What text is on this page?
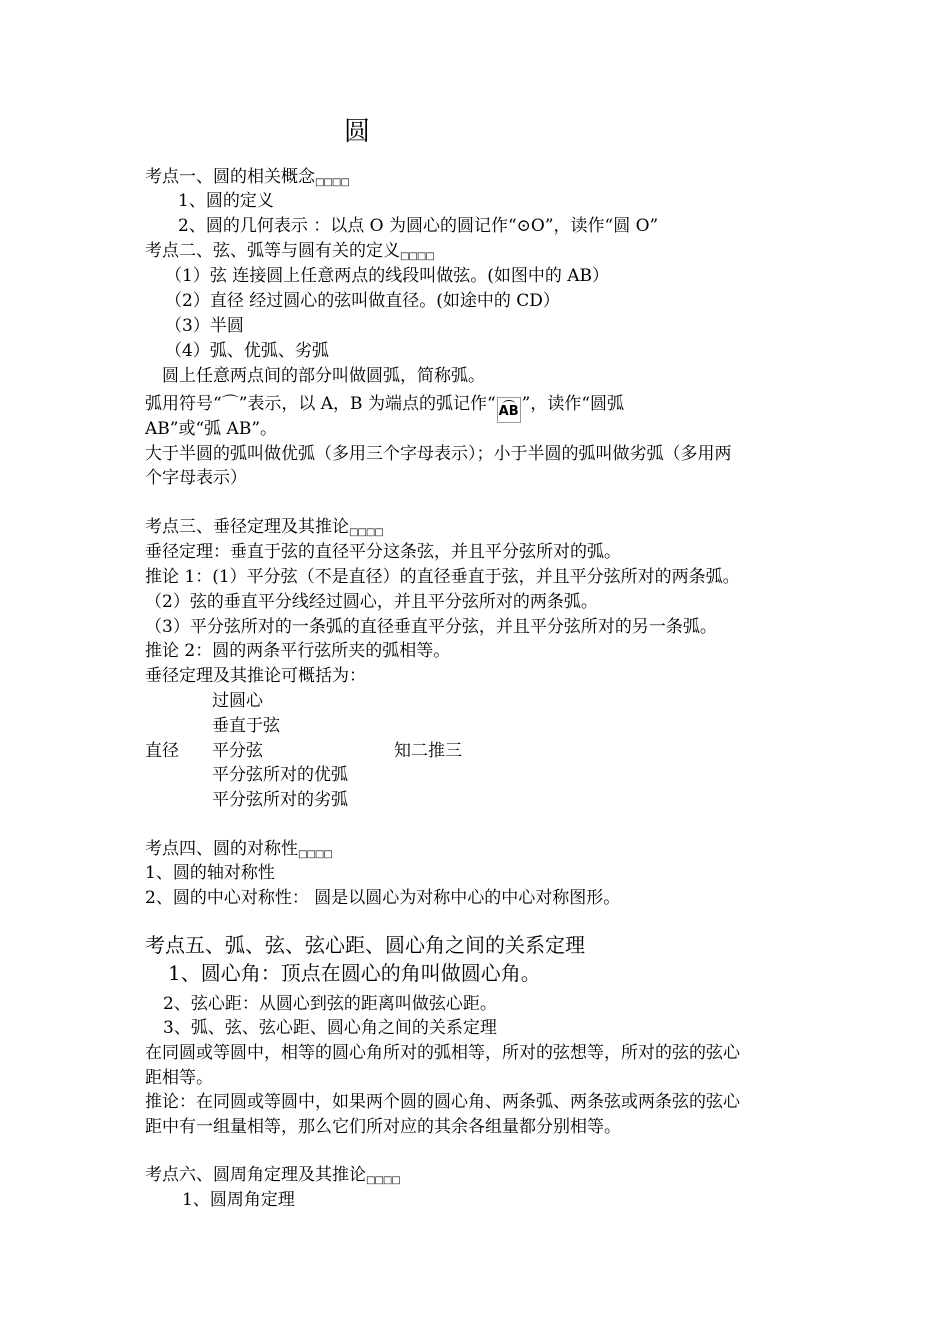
圆
考点一、圆的相关概念□□□□
1、圆的定义
2、圆的几何表示 ：以点 O 为圆心的圆记作“⊙O”，读作“圆 O”
考点二、弦、弧等与圆有关的定义□□□□
（1）弦 连接圆上任意两点的线段叫做弦。(如图中的 AB）
（2）直径 经过圆心的弦叫做直径。(如途中的 CD）
（3）半圆
（4）弧、优弧、劣弧
圆上任意两点间的部分叫做圆弧，简称弧。
弧用符号“⌒”表示，以 A，B 为端点的弧记作“ AB ”，读作“圆弧
AB”或“弧 AB”。
大于半圆的弧叫做优弧（多用三个字母表示）；小于半圆的弧叫做劣弧（多用两
个字母表示）
考点三、垂径定理及其推论□□□□
垂径定理：垂直于弦的直径平分这条弦，并且平分弦所对的弧。
推论 1：(1）平分弦（不是直径）的直径垂直于弦，并且平分弦所对的两条弧。
（2）弦的垂直平分线经过圆心，并且平分弦所对的两条弧。
（3）平分弦所对的一条弧的直径垂直平分弦，并且平分弦所对的另一条弧。
推论 2：圆的两条平行弦所夹的弧相等。
垂径定理及其推论可概括为：
过圆心
垂直于弦
直径 平分弦	知二推三
平分弦所对的优弧
平分弦所对的劣弧
考点四、圆的对称性□□□□
1、圆的轴对称性
2、圆的中心对称性： 圆是以圆心为对称中心的中心对称图形。
考点五、弧、弦、弦心距、圆心角之间的关系定理
1、圆心角：顶点在圆心的角叫做圆心角。
2、弦心距：从圆心到弦的距离叫做弦心距。
3、弧、弦、弦心距、圆心角之间的关系定理
在同圆或等圆中，相等的圆心角所对的弧相等，所对的弦想等，所对的弦的弦心
距相等。
推论：在同圆或等圆中，如果两个圆的圆心角、两条弧、两条弦或两条弦的弦心
距中有一组量相等，那么它们所对应的其余各组量都分别相等。
考点六、圆周角定理及其推论□□□□
1、圆周角定理
